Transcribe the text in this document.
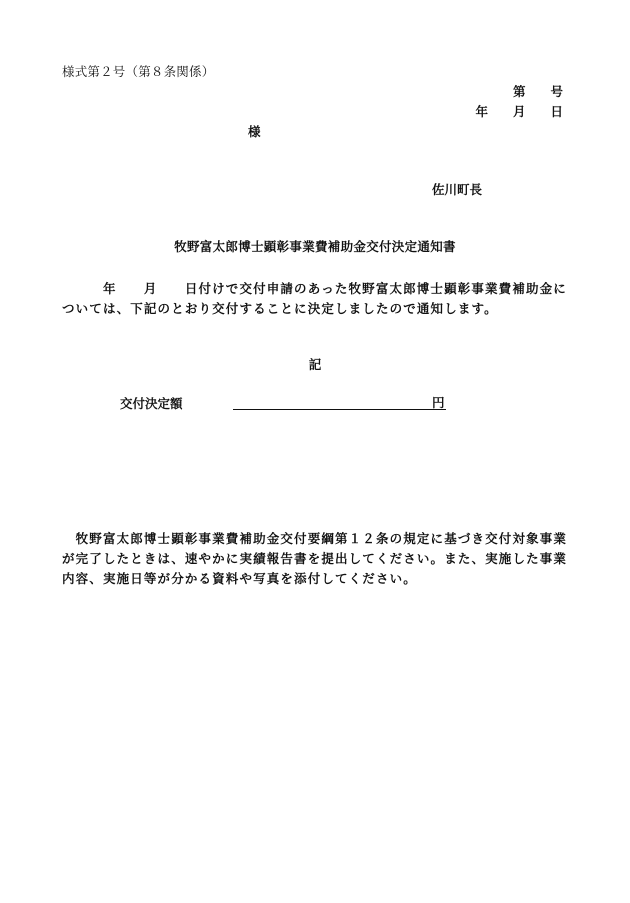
様式第２号（第８条関係）
第　　号
年　　月　　日
様
佐川町長
牧野富太郎博士顕彰事業費補助金交付決定通知書
　　　年　　月　　日付けで交付申請のあった牧野富太郎博士顕彰事業費補助金については、下記のとおり交付することに決定しましたので通知します。
記
交付決定額	円
　牧野富太郎博士顕彰事業費補助金交付要綱第１２条の規定に基づき交付対象事業が完了したときは、速やかに実績報告書を提出してください。また、実施した事業内容、実施日等が分かる資料や写真を添付してください。
